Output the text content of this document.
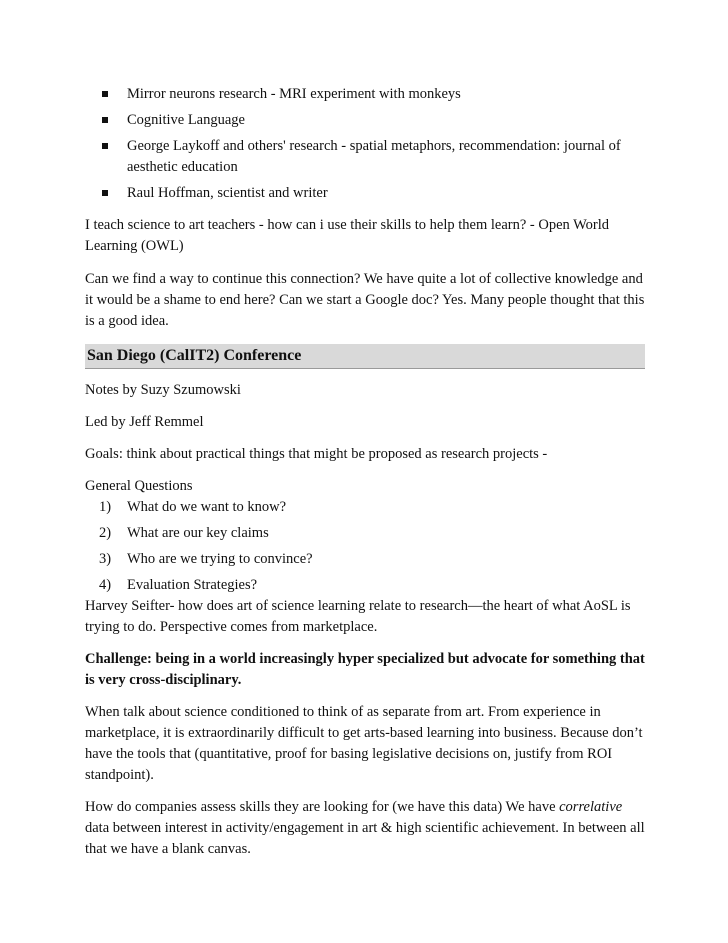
Mirror neurons research - MRI experiment with monkeys
Cognitive Language
George Laykoff and others' research - spatial metaphors, recommendation: journal of aesthetic education
Raul Hoffman, scientist and writer

I teach science to art teachers - how can i use their skills to help them learn? - Open World Learning (OWL)

Can we find a way to continue this connection? We have quite a lot of collective knowledge and it would be a shame to end here? Can we start a Google doc? Yes. Many people thought that this is a good idea.

San Diego (CalIT2) Conference

Notes by Suzy Szumowski

Led by Jeff Remmel

Goals: think about practical things that might be proposed as research projects -

General Questions

1) What do we want to know?
2) What are our key claims
3) Who are we trying to convince?
4) Evaluation Strategies?

Harvey Seifter- how does art of science learning relate to research—the heart of what AoSL is trying to do. Perspective comes from marketplace.

Challenge: being in a world increasingly hyper specialized but advocate for something that is very cross-disciplinary.

When talk about science conditioned to think of as separate from art. From experience in marketplace, it is extraordinarily difficult to get arts-based learning into business. Because don’t have the tools that (quantitative, proof for basing legislative decisions on, justify from ROI standpoint).

How do companies assess skills they are looking for (we have this data) We have correlative data between interest in activity/engagement in art & high scientific achievement. In between all that we have a blank canvas.
